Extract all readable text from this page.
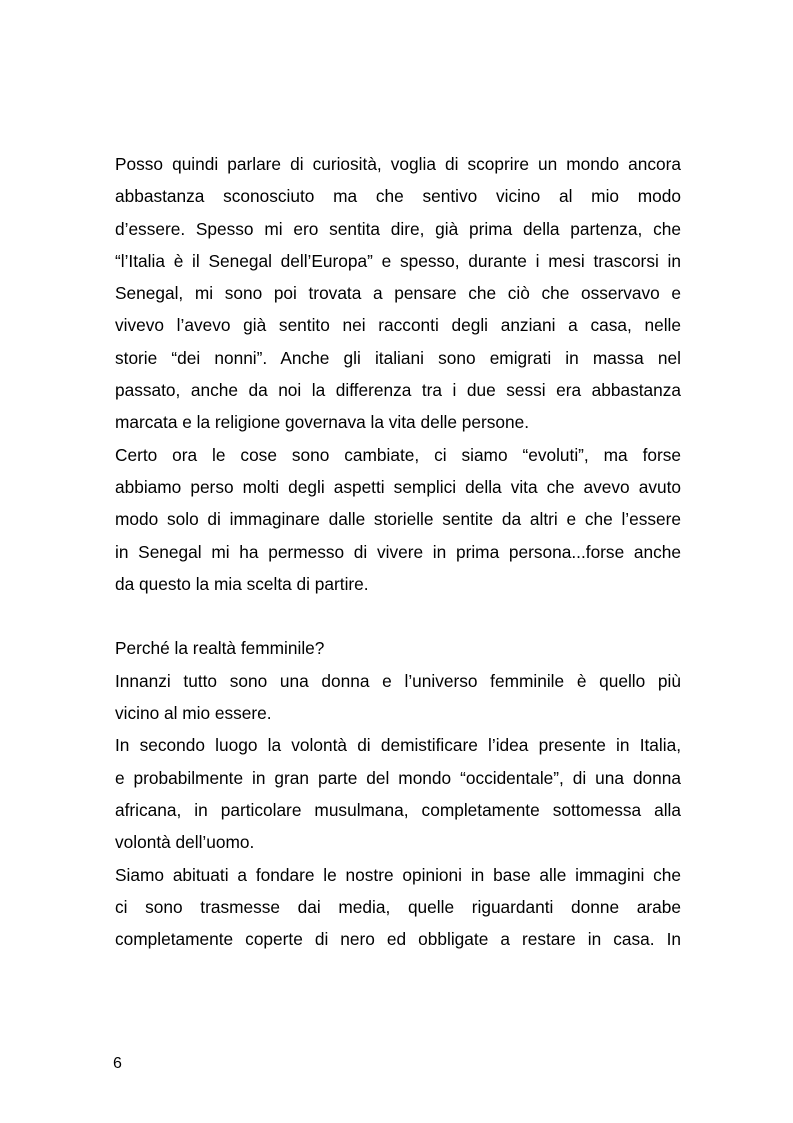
Posso quindi parlare di curiosità, voglia di scoprire un mondo ancora
abbastanza sconosciuto ma che sentivo vicino al mio modo
d’essere. Spesso mi ero sentita dire, già prima della partenza, che
“l’Italia è il Senegal dell’Europa” e spesso, durante i mesi trascorsi in
Senegal, mi sono poi trovata a pensare che ciò che osservavo e
vivevo l’avevo già sentito nei racconti degli anziani a casa, nelle
storie “dei nonni”. Anche gli italiani sono emigrati in massa nel
passato, anche da noi la differenza tra i due sessi era abbastanza
marcata e la religione governava la vita delle persone.
Certo ora le cose sono cambiate, ci siamo “evoluti”, ma forse
abbiamo perso molti degli aspetti semplici della vita che avevo avuto
modo solo di immaginare dalle storielle sentite da altri e che l’essere
in Senegal mi ha permesso di vivere in prima persona...forse anche
da questo la mia scelta di partire.
Perché la realtà femminile?
Innanzi tutto sono una donna e l’universo femminile è quello più
vicino al mio essere.
In secondo luogo la volontà di demistificare l’idea presente in Italia,
e probabilmente in gran parte del mondo “occidentale”, di una donna
africana, in particolare musulmana, completamente sottomessa alla
volontà dell’uomo.
Siamo abituati a fondare le nostre opinioni in base alle immagini che
ci sono trasmesse dai media, quelle riguardanti donne arabe
completamente coperte di nero ed obbligate a restare in casa. In
6
